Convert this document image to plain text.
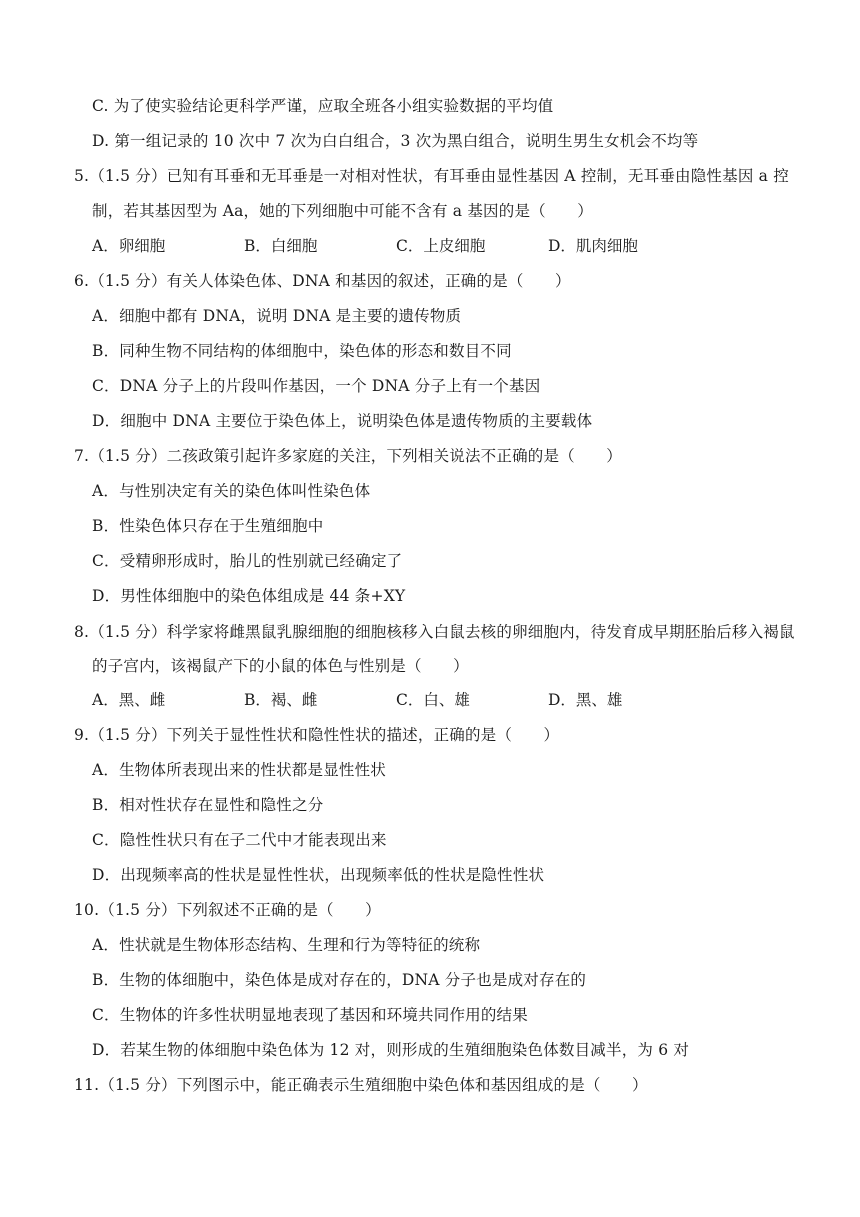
C. 为了使实验结论更科学严谨，应取全班各小组实验数据的平均值
D. 第一组记录的 10 次中 7 次为白白组合，3 次为黑白组合，说明生男生女机会不均等
5.（1.5 分）已知有耳垂和无耳垂是一对相对性状，有耳垂由显性基因 A 控制，无耳垂由隐性基因 a 控
制，若其基因型为 Aa，她的下列细胞中可能不含有 a 基因的是（　　）
A．卵细胞	B．白细胞	C．上皮细胞	D．肌肉细胞
6.（1.5 分）有关人体染色体、DNA 和基因的叙述，正确的是（　　）
A．细胞中都有 DNA，说明 DNA 是主要的遗传物质
B．同种生物不同结构的体细胞中，染色体的形态和数目不同
C．DNA 分子上的片段叫作基因，一个 DNA 分子上有一个基因
D．细胞中 DNA 主要位于染色体上，说明染色体是遗传物质的主要载体
7.（1.5 分）二孩政策引起许多家庭的关注，下列相关说法不正确的是（　　）
A．与性别决定有关的染色体叫性染色体
B．性染色体只存在于生殖细胞中
C．受精卵形成时，胎儿的性别就已经确定了
D．男性体细胞中的染色体组成是 44 条+XY
8.（1.5 分）科学家将雌黑鼠乳腺细胞的细胞核移入白鼠去核的卵细胞内，待发育成早期胚胎后移入褐鼠
的子宫内，该褐鼠产下的小鼠的体色与性别是（　　）
A．黑、雌	B．褐、雌	C．白、雄	D．黑、雄
9.（1.5 分）下列关于显性性状和隐性性状的描述，正确的是（　　）
A．生物体所表现出来的性状都是显性性状
B．相对性状存在显性和隐性之分
C．隐性性状只有在子二代中才能表现出来
D．出现频率高的性状是显性性状，出现频率低的性状是隐性性状
10.（1.5 分）下列叙述不正确的是（　　）
A．性状就是生物体形态结构、生理和行为等特征的统称
B．生物的体细胞中，染色体是成对存在的，DNA 分子也是成对存在的
C．生物体的许多性状明显地表现了基因和环境共同作用的结果
D．若某生物的体细胞中染色体为 12 对，则形成的生殖细胞染色体数目减半，为 6 对
11.（1.5 分）下列图示中，能正确表示生殖细胞中染色体和基因组成的是（　　）
